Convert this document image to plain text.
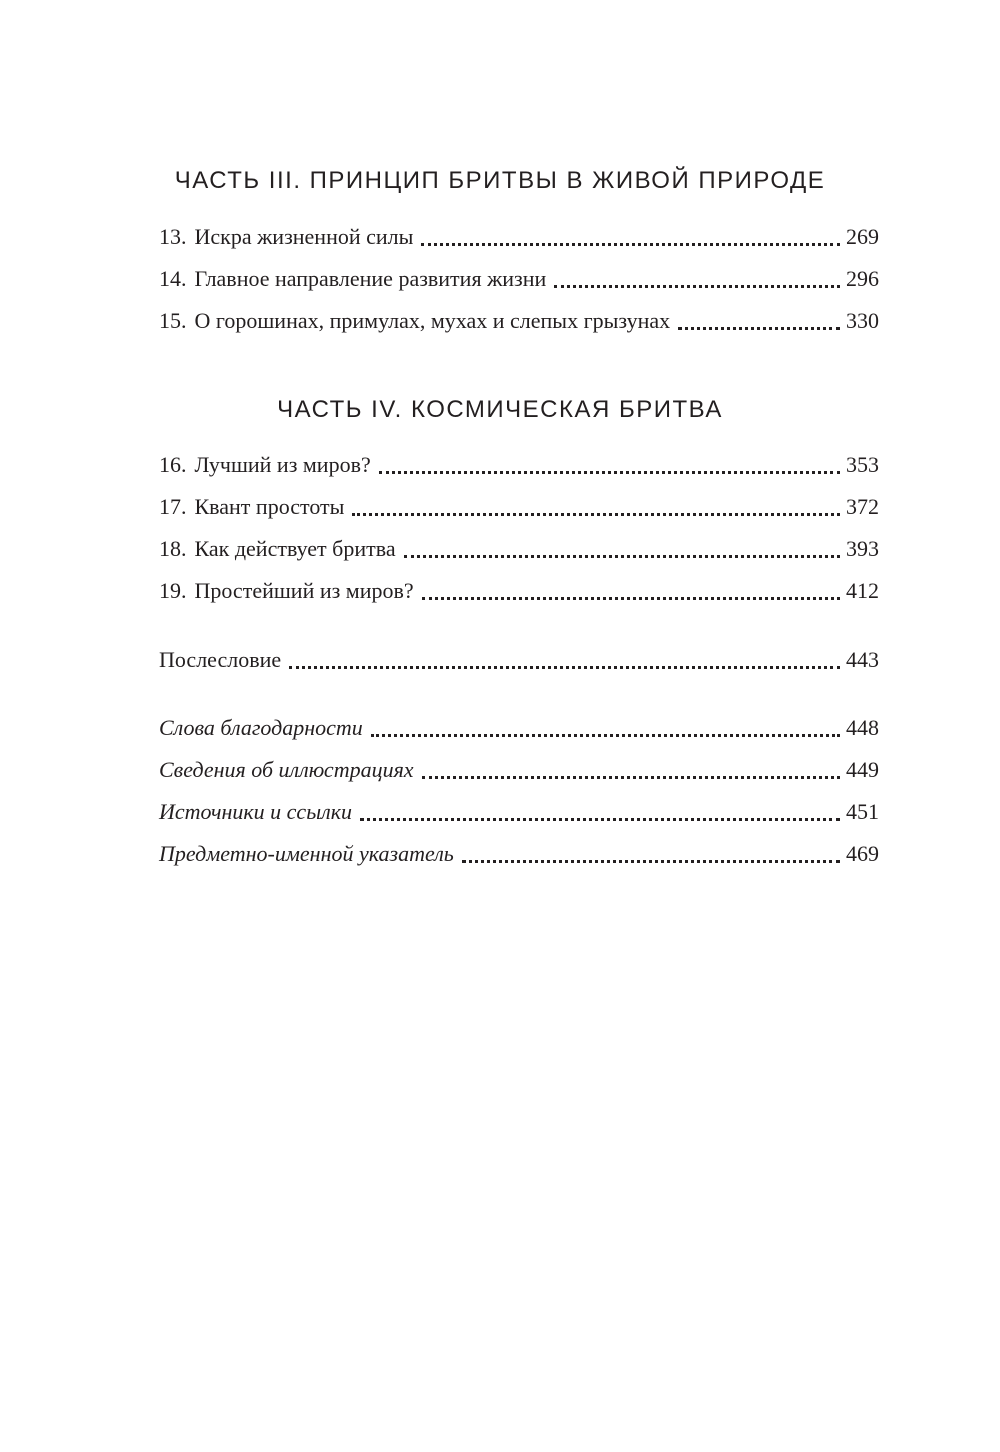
ЧАСТЬ III. ПРИНЦИП БРИТВЫ В ЖИВОЙ ПРИРОДЕ
13. Искра жизненной силы	269
14. Главное направление развития жизни	296
15. О горошинах, примулах, мухах и слепых грызунах	330
ЧАСТЬ IV. КОСМИЧЕСКАЯ БРИТВА
16. Лучший из миров?	353
17. Квант простоты	372
18. Как действует бритва	393
19. Простейший из миров?	412
Послесловие	443
Слова благодарности	448
Сведения об иллюстрациях	449
Источники и ссылки	451
Предметно-именной указатель	469
